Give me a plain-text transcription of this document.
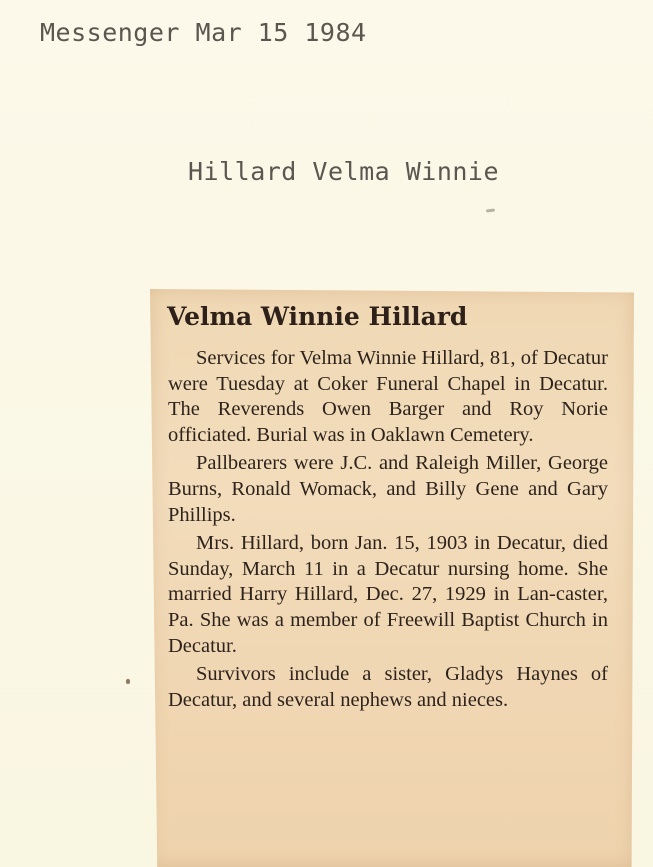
Messenger Mar 15 1984
Hillard Velma Winnie
Velma Winnie Hillard

Services for Velma Winnie Hillard, 81, of Decatur were Tuesday at Coker Funeral Chapel in Decatur. The Reverends Owen Barger and Roy Norie officiated. Burial was in Oaklawn Cemetery.

Pallbearers were J.C. and Raleigh Miller, George Burns, Ronald Womack, and Billy Gene and Gary Phillips.

Mrs. Hillard, born Jan. 15, 1903 in Decatur, died Sunday, March 11 in a Decatur nursing home. She married Harry Hillard, Dec. 27, 1929 in Lan-caster, Pa. She was a member of Freewill Baptist Church in Decatur.

Survivors include a sister, Gladys Haynes of Decatur, and several nephews and nieces.
